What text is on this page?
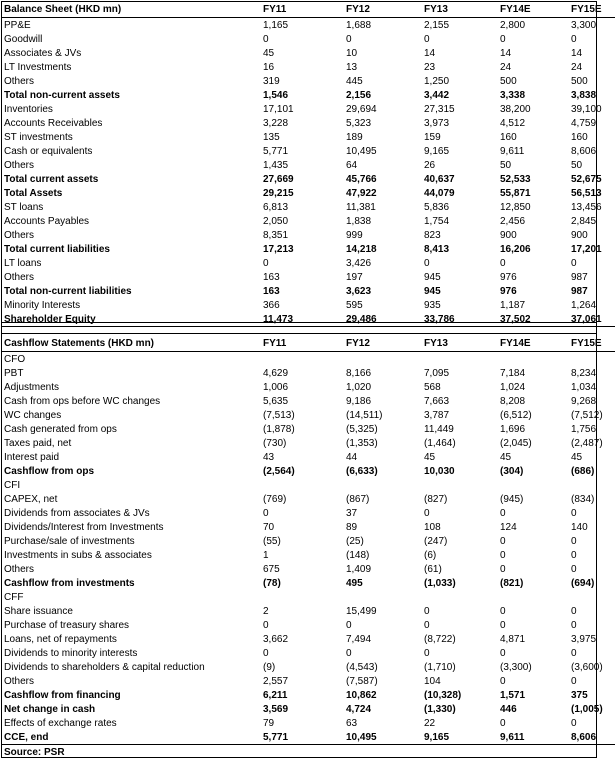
Balance Sheet (HKD mn)	FY11	FY12	FY13	FY14E	FY15E
PP&E	1,165	1,688	2,155	2,800	3,300
Goodwill	0	0	0	0	0
Associates & JVs	45	10	14	14	14
LT Investments	16	13	23	24	24
Others	319	445	1,250	500	500
Total non-current assets	1,546	2,156	3,442	3,338	3,838
Inventories	17,101	29,694	27,315	38,200	39,100
Accounts Receivables	3,228	5,323	3,973	4,512	4,759
ST investments	135	189	159	160	160
Cash or equivalents	5,771	10,495	9,165	9,611	8,606
Others	1,435	64	26	50	50
Total current assets	27,669	45,766	40,637	52,533	52,675
Total Assets	29,215	47,922	44,079	55,871	56,513
ST loans	6,813	11,381	5,836	12,850	13,456
Accounts Payables	2,050	1,838	1,754	2,456	2,845
Others	8,351	999	823	900	900
Total current liabilities	17,213	14,218	8,413	16,206	17,201
LT loans	0	3,426	0	0	0
Others	163	197	945	976	987
Total non-current liabilities	163	3,623	945	976	987
Minority Interests	366	595	935	1,187	1,264
Shareholder Equity	11,473	29,486	33,786	37,502	37,061
Cashflow Statements (HKD mn)	FY11	FY12	FY13	FY14E	FY15E
CFO					
PBT	4,629	8,166	7,095	7,184	8,234
Adjustments	1,006	1,020	568	1,024	1,034
Cash from ops before WC changes	5,635	9,186	7,663	8,208	9,268
WC changes	(7,513)	(14,511)	3,787	(6,512)	(7,512)
Cash generated from ops	(1,878)	(5,325)	11,449	1,696	1,756
Taxes paid, net	(730)	(1,353)	(1,464)	(2,045)	(2,487)
Interest paid	43	44	45	45	45
Cashflow from ops	(2,564)	(6,633)	10,030	(304)	(686)
CFI					
CAPEX, net	(769)	(867)	(827)	(945)	(834)
Dividends from associates & JVs	0	37	0	0	0
Dividends/Interest from Investments	70	89	108	124	140
Purchase/sale of investments	(55)	(25)	(247)	0	0
Investments in subs & associates	1	(148)	(6)	0	0
Others	675	1,409	(61)	0	0
Cashflow from investments	(78)	495	(1,033)	(821)	(694)
CFF					
Share issuance	2	15,499	0	0	0
Purchase of treasury shares	0	0	0	0	0
Loans, net of repayments	3,662	7,494	(8,722)	4,871	3,975
Dividends to minority interests	0	0	0	0	0
Dividends to shareholders & capital reduction	(9)	(4,543)	(1,710)	(3,300)	(3,600)
Others	2,557	(7,587)	104	0	0
Cashflow from financing	6,211	10,862	(10,328)	1,571	375
Net change in cash	3,569	4,724	(1,330)	446	(1,005)
Effects of exchange rates	79	63	22	0	0
CCE, end	5,771	10,495	9,165	9,611	8,606
Source: PSR					
